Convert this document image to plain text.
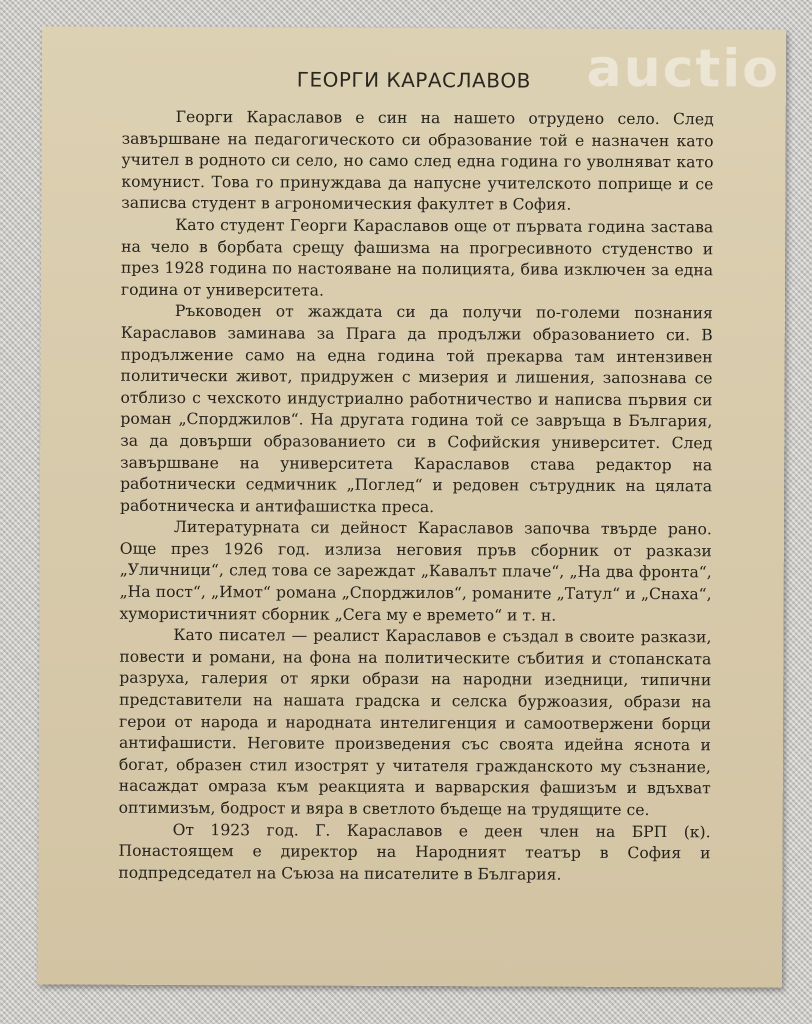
auctio
ГЕОРГИ КАРАСЛАВОВ

Георги Караславов е син на нашето отрудено село. След завършване на педагогическото си образование той е назначен като учител в родното си село, но само след една година го уволняват като комунист. Това го принуждава да напусне учителското поприще и се записва студент в агрономическия факултет в София.

Като студент Георги Караславов още от първата година застава на чело в борбата срещу фашизма на прогресивното студенство и през 1928 година по настояване на полицията, бива изключен за една година от университета.

Ръководен от жаждата си да получи по-големи познания Караславов заминава за Прага да продължи образованието си. В продължение само на една година той прекарва там интензивен политически живот, придружен с мизерия и лишения, запознава се отблизо с чехското индустриално работничество и написва първия си роман „Спорджилов“. На другата година той се завръща в България, за да довърши образованието си в Софийския университет. След завършване на университета Караславов става редактор на работнически седмичник „Поглед“ и редовен сътрудник на цялата работническа и антифашистка преса.

Литературната си дейност Караславов започва твърде рано. Още през 1926 год. излиза неговия пръв сборник от разкази „Уличници“, след това се зареждат „Кавалът плаче“, „На два фронта“, „На пост“, „Имот“ романа „Спорджилов“, романите „Татул“ и „Снаха“, хумористичният сборник „Сега му е времето“ и т. н.

Като писател — реалист Караславов е създал в своите разкази, повести и романи, на фона на политическите събития и стопанската разруха, галерия от ярки образи на народни изедници, типични представители на нашата градска и селска буржоазия, образи на герои от народа и народната интелигенция и самоотвержени борци антифашисти. Неговите произведения със своята идейна яснота и богат, образен стил изострят у читателя гражданското му съзнание, насаждат омраза към реакцията и варварския фашизъм и вдъхват оптимизъм, бодрост и вяра в светлото бъдеще на трудящите се.

От 1923 год. Г. Караславов е деен член на БРП (к). Понастоящем е директор на Народният театър в София и подпредседател на Съюза на писателите в България.
